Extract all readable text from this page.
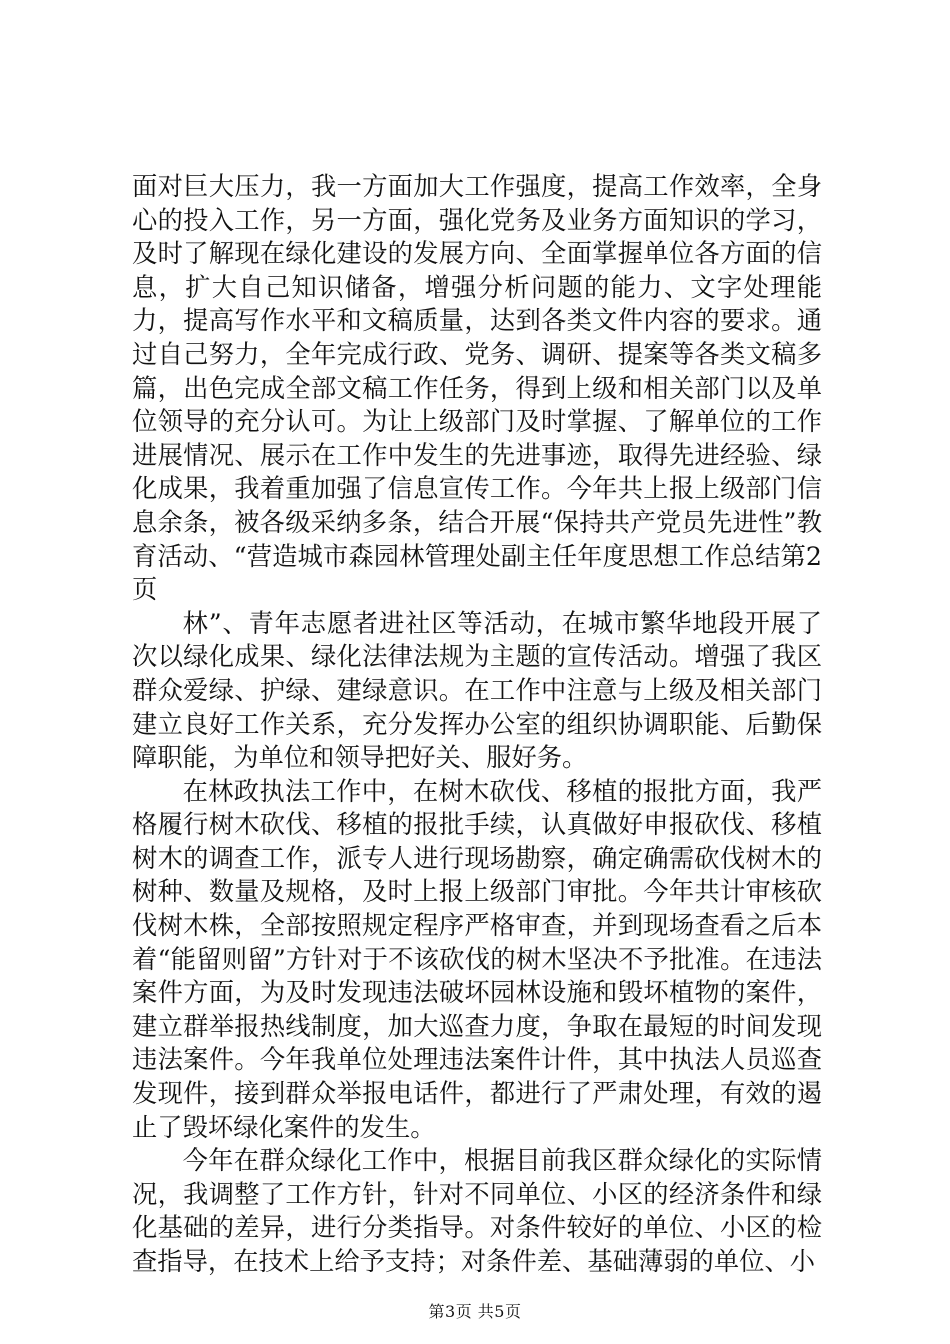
面对巨大压力，我一方面加大工作强度，提高工作效率，全身心的投入工作，另一方面，强化党务及业务方面知识的学习，及时了解现在绿化建设的发展方向、全面掌握单位各方面的信息，扩大自己知识储备，增强分析问题的能力、文字处理能力，提高写作水平和文稿质量，达到各类文件内容的要求。通过自己努力，全年完成行政、党务、调研、提案等各类文稿多篇，出色完成全部文稿工作任务，得到上级和相关部门以及单位领导的充分认可。为让上级部门及时掌握、了解单位的工作进展情况、展示在工作中发生的先进事迹，取得先进经验、绿化成果，我着重加强了信息宣传工作。今年共上报上级部门信息余条，被各级采纳多条，结合开展“保持共产党员先进性”教育活动、“营造城市森园林管理处副主任年度思想工作总结第2页

林”、青年志愿者进社区等活动，在城市繁华地段开展了次以绿化成果、绿化法律法规为主题的宣传活动。增强了我区群众爱绿、护绿、建绿意识。在工作中注意与上级及相关部门建立良好工作关系，充分发挥办公室的组织协调职能、后勤保障职能，为单位和领导把好关、服好务。

在林政执法工作中，在树木砍伐、移植的报批方面，我严格履行树木砍伐、移植的报批手续，认真做好申报砍伐、移植树木的调查工作，派专人进行现场勘察，确定确需砍伐树木的树种、数量及规格，及时上报上级部门审批。今年共计审核砍伐树木株，全部按照规定程序严格审查，并到现场查看之后本着“能留则留”方针对于不该砍伐的树木坚决不予批准。在违法案件方面，为及时发现违法破坏园林设施和毁坏植物的案件，建立群举报热线制度，加大巡查力度，争取在最短的时间发现违法案件。今年我单位处理违法案件计件，其中执法人员巡查发现件，接到群众举报电话件，都进行了严肃处理，有效的遏止了毁坏绿化案件的发生。

今年在群众绿化工作中，根据目前我区群众绿化的实际情况，我调整了工作方针，针对不同单位、小区的经济条件和绿化基础的差异，进行分类指导。对条件较好的单位、小区的检查指导，在技术上给予支持；对条件差、基础薄弱的单位、小

第3页 共5页
